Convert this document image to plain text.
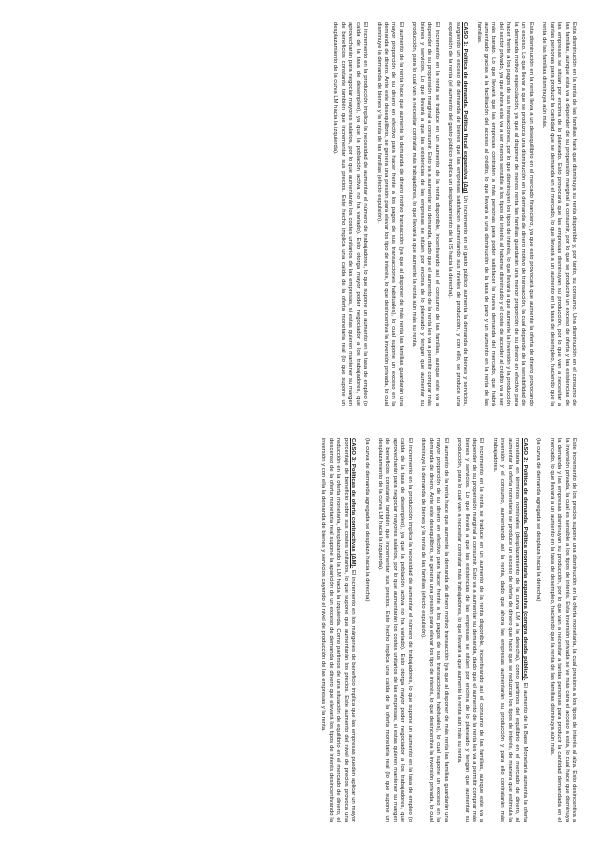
Esta disminución en la renta de las familias hará que disminuya su renta disponible y, por tanto, su consumo. Una disminución en el consumo de las familias, aunque esta va a depender de su propensión marginal a consumir, por lo que se producirá un exceso de oferta y las existencias de las empresas se sitúan por encima de lo planeado. Esto provocará que las empresas disminuyan su producción, por lo que van a necesitar a tantas personas para producir la cantidad que se demanda en el mercado, lo que llevará a un aumento en la tasa de desempleo, haciendo que la renta de las familias disminuya aún más.

Esta disminución en la renta lleva a un desequilibrio en el mercado financiero, ya que esto provocará que aumente la oferta de dinero provocando un exceso. Lo que llevar a que se produzca una disminución en la demanda de dinero motivo de transacción, la cual depende de la sensibilidad de la demanda motivo especulación, ya que al disponer de menos renta las familias guardarán una menor proporción de su dinero en efectivo para hacer frente a los pagos de sus transacciones, por lo que disminuyen los tipos de interés, lo que llevará a que aumente la inversión y la producción del sector privado, ya que ahora este va a ser menos sensible a los tipos de interés al haberse disminuido y el coste de acceder al crédito va a ser más barato. Lo que llevará que las empresas contraten a más personas para poder satisfacer la nueva demanda del mercado, que habrá aumentado gracias a la facilitación del acceso al crédito, lo que llevará a una disminución de la tasa de paro y un aumento en la renta de las familias.

CASO 1: Política de demanda. Política fiscal expansiva (Δg) Un incremento en el gasto público aumenta la demanda de bienes y servicios, surgiendo un exceso de demanda de bienes que las empresas satisfacen aumentando sus niveles de producción, y con ello, se produce una expansión de la renta (el aumento del gasto público implica un desplazamiento de la IS hacia la derecha).

El incremento en la renta se traduce en un aumento de la renta disponible, incentivando así el consumo de las familias, aunque este va a depender de su propensión marginal a consumir. Esto va a aumentar su demanda, dado que el aumento de la renta les va a permitir comprar más bienes y servicios. Lo que llevará a que las existencias de las empresas se sitúen por encima de lo planeado y tengan que aumentar su producción, para lo cual van a necesitar contratar más trabajadores, lo que llevará a que aumente la renta aún más su renta.

El aumento de la renta hace que aumente la demanda de dinero motivo transacción (ya que al disponer de más renta las familias guardarán una mayor proporción de su dinero en efectivo para hacer frente a los pagos de sus transacciones habituales), lo cual supone un exceso en la demanda de dinero. Ante este desequilibrio, se genera una presión para elevar los tipo de interés, lo que desincentiva la inversión privada, lo cual disminuye la demanda de bienes y la renta de las familias (efecto expulsión).

El incremento en la producción implica la necesidad de aumentar el número de trabajadores, lo que supone un aumento en la tasa de empleo (o caída de la tasa de desempleo), ya que la población activa no ha variado). Esto otorga mayor poder negociador a los trabajadores, que aprovecharán para negociar mayores salarios, por lo que aumentarán los costes unitarios de las empresas, si estas quieren mantener su margen de beneficios constante también que incrementar sus precios. Este hecho implica una caída de la oferta monetaria real (lo que supone un desplazamiento de la curva LM hacia la izquierda).

Este incremento de los precios supone una disminución en la oferta monetaria, la cual presiona a los tipos de interés al alza. Esto desincentiva a la inversión privada, la cual es sensible a los tipos de interés. Esta inversión privada se ve más cara el acceso a esta, lo cual hace que disminuya la demanda y las empresas disminuyan su producción, por lo que van a necesitar a tantas personas para producir la cantidad demandada en el mercado, lo que llevará a un aumento en la tasa de desempleo, haciendo que la renta de las familias disminuya aún más.

(la curva de demanda agregada se desplaza hacia la derecha)

CASO 2: Política de demanda. Política monetaria expansiva (compra deuda pública). El aumento de la Base Monetaria aumenta la oferta monetaria en términos nominales (desplazamiento de la curva LM a la derecha), como partimos del equilibrio en el mercado de dinero, al aumentar la oferta monetaria se produce un exceso de oferta de dinero que hace que se reduzcan los tipos de interés, de manera que estimula la inversión y el consumo, aumentando así la renta, dado que ahora las empresas aumentarán su producción y para ello contratarán más trabajadores.

El incremento en la renta se traduce en un aumento de la renta disponible, incentivando así el consumo de las familias, aunque este va a depender de su propensión marginal a consumir. Esto va a aumentar su demanda, dado que el aumento de la renta les va a permitir comprar más bienes y servicios. Lo que llevará a que las existencias de las empresas se sitúen por encima de lo planeado y tengan que aumentar su producción, para lo cual van a necesitar contratar más trabajadores, lo que llevará a que aumente la renta aún más su renta.

El aumento de la renta hace que aumente la demanda de dinero motivo transacción (ya que al disponer de más renta las familias guardarán una mayor proporción de su dinero en efectivo para hacer frente a los pagos de sus transacciones habituales), lo cual supone un exceso en la demanda de dinero. Ante este desequilibrio, se genera una presión para elevar los tipo de interés, lo que desincentiva la inversión privada, lo cual disminuye la demanda de bienes y la renta de las familias (efecto expulsión).

El incremento en la producción implica la necesidad de aumentar el número de trabajadores, lo que supone un aumento en la tasa de empleo (o caída de la tasa de desempleo), ya que la población activa no ha variado). Esto otorga mayor poder negociador a los trabajadores, que aprovecharán para negociar mayores salarios, por lo que aumentarán los costes unitarios de las empresas, si estas quieren mantener su margen de beneficios constante también que incrementar sus precios. Este hecho implica una caída de la oferta monetaria real (lo que supone un desplazamiento de la curva LM hacia la izquierda).

(la curva de demanda agregada se desplaza hacia la derecha)

CASO 3: Políticas de oferta contractivas (ΔM). El incremento en los márgenes de beneficio implica que las empresas pueden aplicar un mayor porcentaje de beneficio sobre sus costes unitarios, lo que supone que aumentarán los precios. Este aumento del nivel de precios provoca una reducción en la oferta monetaria, desplazando la LM hacia la izquierda. Como partimos de una situación de equilibrio en el mercado de dinero, el descenso de la oferta monetaria real supone la aparición de un exceso de demanda de dinero que elevará los tipos de interés desincentivando la inversión y con ella la demanda de bienes y servicios cayendo el nivel de producción de las empresas y la renta.
